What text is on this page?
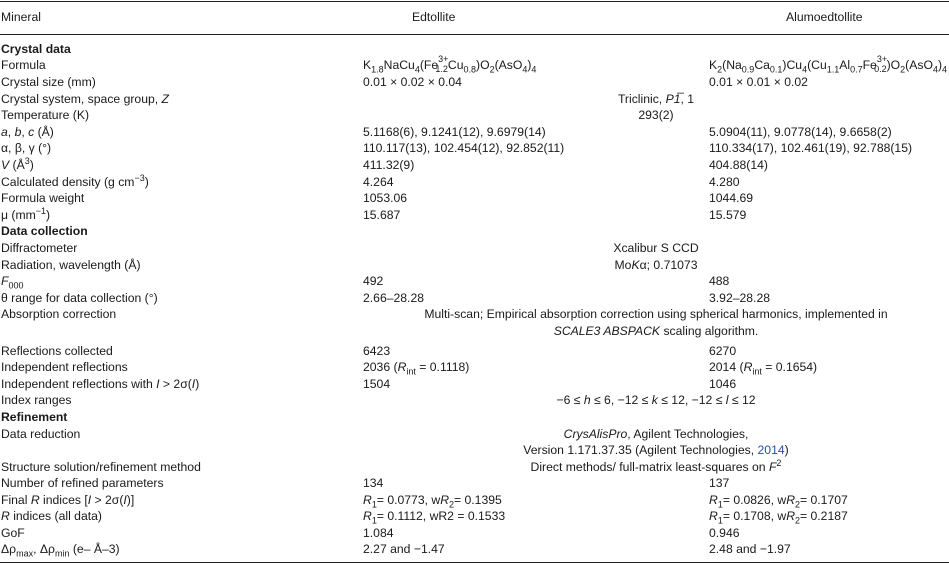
Mineral	Edtollite	Alumoedtollite
Crystal data
Formula	$K_{1.8}NaCu_4(Fe^{3+}_{1.2}Cu_{0.8})O_2(AsO_4)_4$	$K_2(Na_{0.9}Ca_{0.1})Cu_4(Cu_{1.1}Al_{0.7}Fe^{3+}_{0.2})O_2(AsO_4)_4$
Crystal size (mm)	0.01 × 0.02 × 0.04	0.01 × 0.01 × 0.02
Crystal system, space group, Z	Triclinic, P1̅, 1
Temperature (K)	293(2)
a, b, c (Å)	5.1168(6), 9.1241(12), 9.6979(14)	5.0904(11), 9.0778(14), 9.6658(2)
α, β, γ (°)	110.117(13), 102.454(12), 92.852(11)	110.334(17), 102.461(19), 92.788(15)
V $(Å^3)$	411.32(9)	404.88(14)
Calculated density (g $cm^{-3}$)	4.264	4.280
Formula weight	1053.06	1044.69
μ $(mm^{-1})$	15.687	15.579
Data collection
Diffractometer	Xcalibur S CCD
Radiation, wavelength (Å)	MoKα; 0.71073
$F_{000}$	492	488
θ range for data collection (°)	2.66–28.28	3.92–28.28
Absorption correction	Multi-scan; Empirical absorption correction using spherical harmonics, implemented in
SCALE3 ABSPACK scaling algorithm.
Reflections collected	6423	6270
Independent reflections	2036 $(R_{int} = 0.1118)$	2014 $(R_{int} = 0.1654)$
Independent reflections with I > 2σ(I)	1504	1046
Index ranges	−6 ≤ h ≤ 6, −12 ≤ k ≤ 12, −12 ≤ l ≤ 12
Refinement
Data reduction	CrysAlisPro, Agilent Technologies,
Version 1.171.37.35 (Agilent Technologies, 2014)
Structure solution/refinement method	Direct methods/ full-matrix least-squares on $F^2$
Number of refined parameters	134	137
Final R indices [I > 2σ(I)]	$R_1= 0.0773$, $wR_2= 0.1395$	$R_1= 0.0826$, $wR_2= 0.1707$
R indices (all data)	$R_1= 0.1112$, wR2 = 0.1533	$R_1= 0.1708$, $wR_2= 0.2187$
GoF	1.084	0.946
$\Delta\rho_{max}$, $\Delta\rho_{min}$ (e– Å–3)	2.27 and −1.47	2.48 and −1.97
